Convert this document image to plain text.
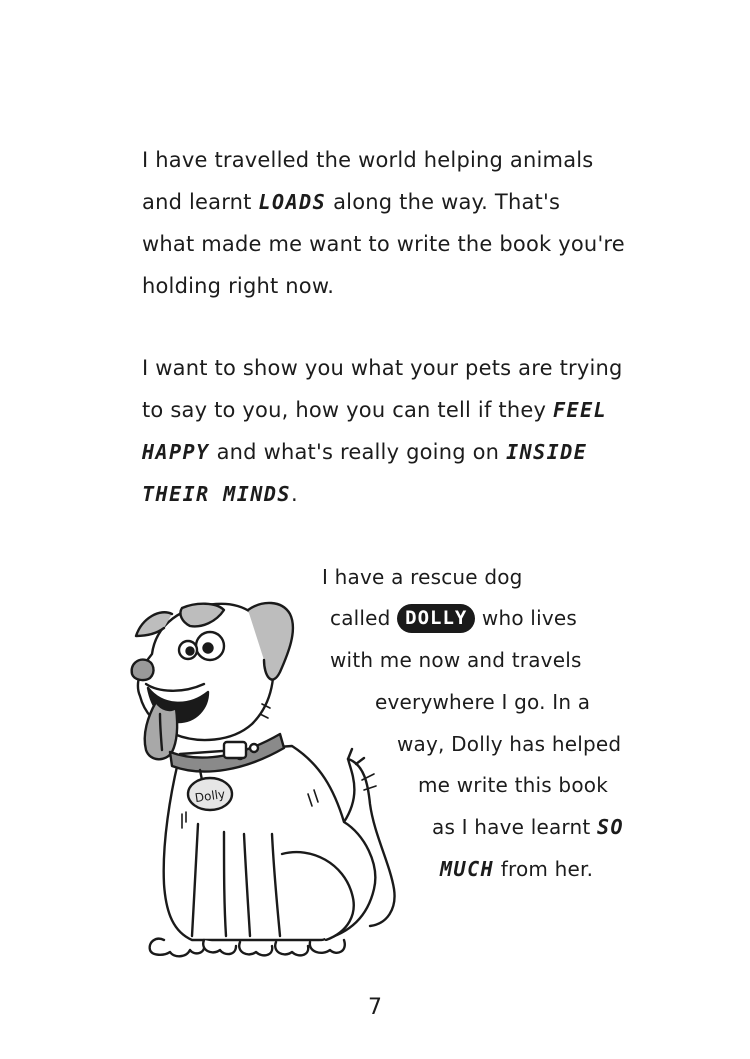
I have travelled the world helping animals
and learnt LOADS along the way. That's
what made me want to write the book you're
holding right now.
I want to show you what your pets are trying
to say to you, how you can tell if they FEEL
HAPPY and what's really going on INSIDE
THEIR MINDS.
I have a rescue dog
called DOLLY who lives
with me now and travels
everywhere I go. In a
way, Dolly has helped
me write this book
as I have learnt SO
MUCH from her.
Dolly
7
